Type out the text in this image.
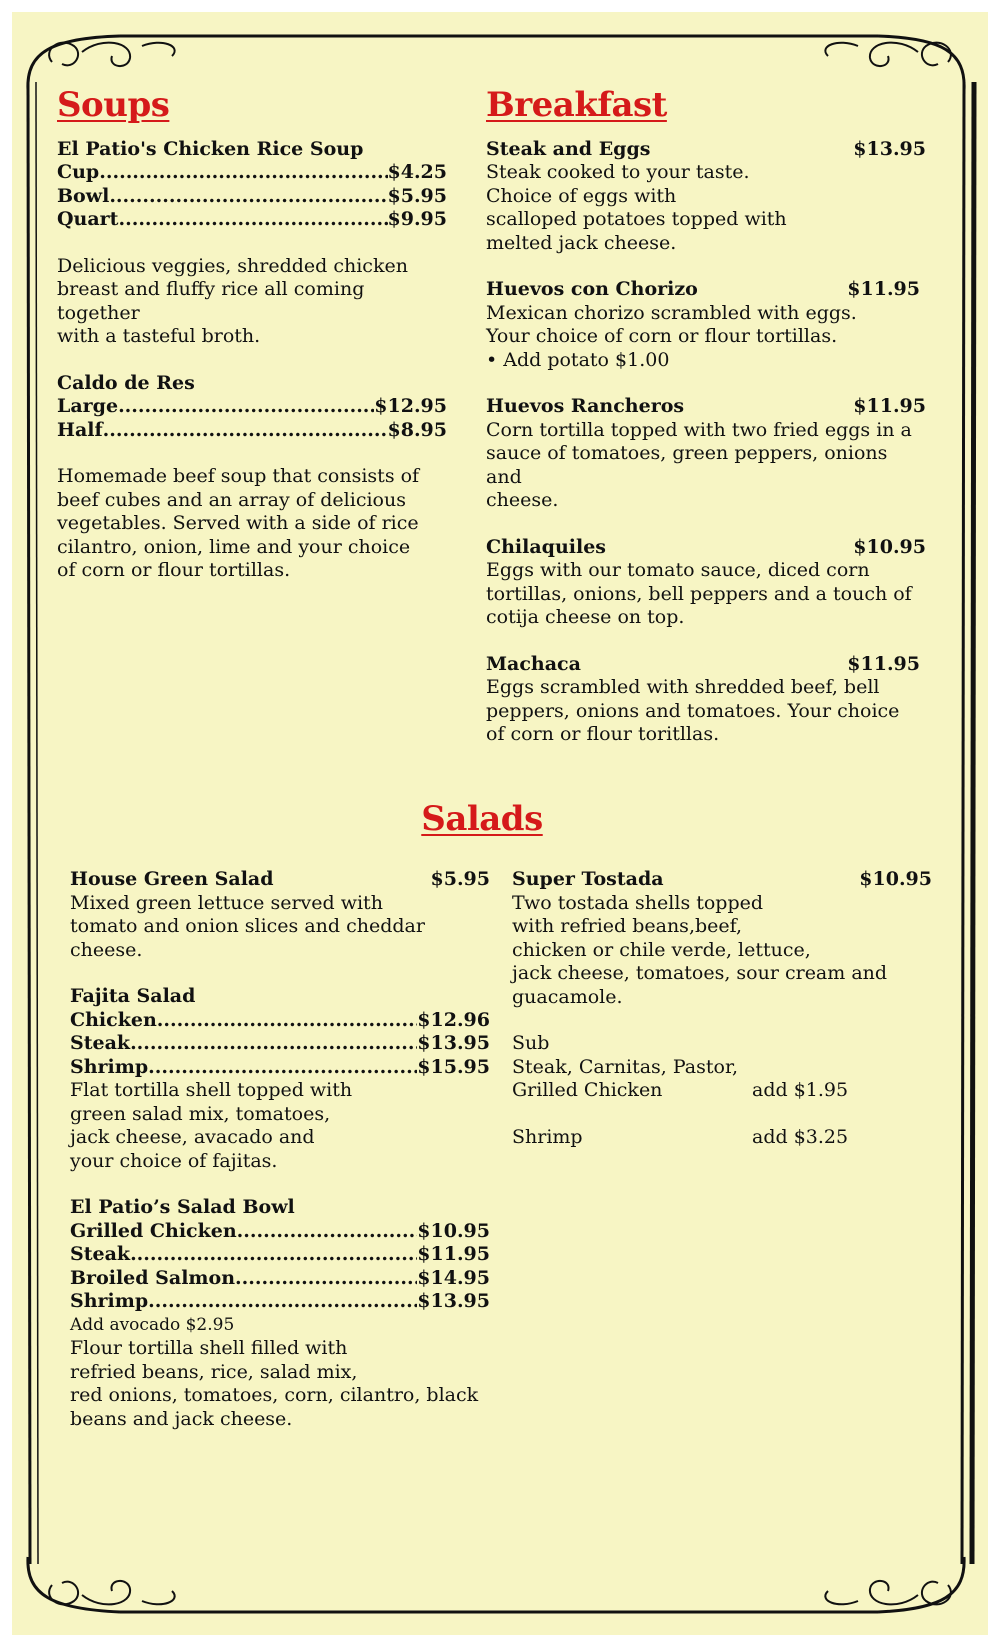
Soups
El Patio's Chicken Rice Soup
Cup .....	$4.25
Bowl .....	$5.95
Quart .....	$9.95
Delicious veggies, shredded chicken
breast and fluffy rice all coming together
with a tasteful broth.
Caldo de Res
Large .....	$12.95
Half .....	$8.95
Homemade beef soup that consists of
beef cubes and an array of delicious
vegetables. Served with a side of rice
cilantro, onion, lime and your choice
of corn or flour tortillas.
Breakfast
Steak and Eggs	$13.95
Steak cooked to your taste.
Choice of eggs with
scalloped potatoes topped with
melted jack cheese.
Huevos con Chorizo	$11.95
Mexican chorizo scrambled with eggs.
Your choice of corn or flour tortillas.
• Add potato $1.00
Huevos Rancheros	$11.95
Corn tortilla topped with two fried eggs in a
sauce of tomatoes, green peppers, onions and
cheese.
Chilaquiles	$10.95
Eggs with our tomato sauce, diced corn
tortillas, onions, bell peppers and a touch of
cotija cheese on top.
Machaca	$11.95
Eggs scrambled with shredded beef, bell
peppers, onions and tomatoes. Your choice
of corn or flour toritllas.
Salads
House Green Salad	$5.95
Mixed green lettuce served with
tomato and onion slices and cheddar
cheese.
Fajita Salad
Chicken .....	$12.96
Steak .....	$13.95
Shrimp .....	$15.95
Flat tortilla shell topped with
green salad mix, tomatoes,
jack cheese, avacado and
your choice of fajitas.
El Patio’s Salad Bowl
Grilled Chicken .....	$10.95
Steak .....	$11.95
Broiled Salmon .....	$14.95
Shrimp .....	$13.95
Add avocado $2.95
Flour tortilla shell filled with
refried beans, rice, salad mix,
red onions, tomatoes, corn, cilantro, black
beans and jack cheese.
Super Tostada	$10.95
Two tostada shells topped
with refried beans,beef,
chicken or chile verde, lettuce,
jack cheese, tomatoes, sour cream and
guacamole.
Sub
Steak, Carnitas, Pastor,
Grilled Chicken	add $1.95
Shrimp	add $3.25
